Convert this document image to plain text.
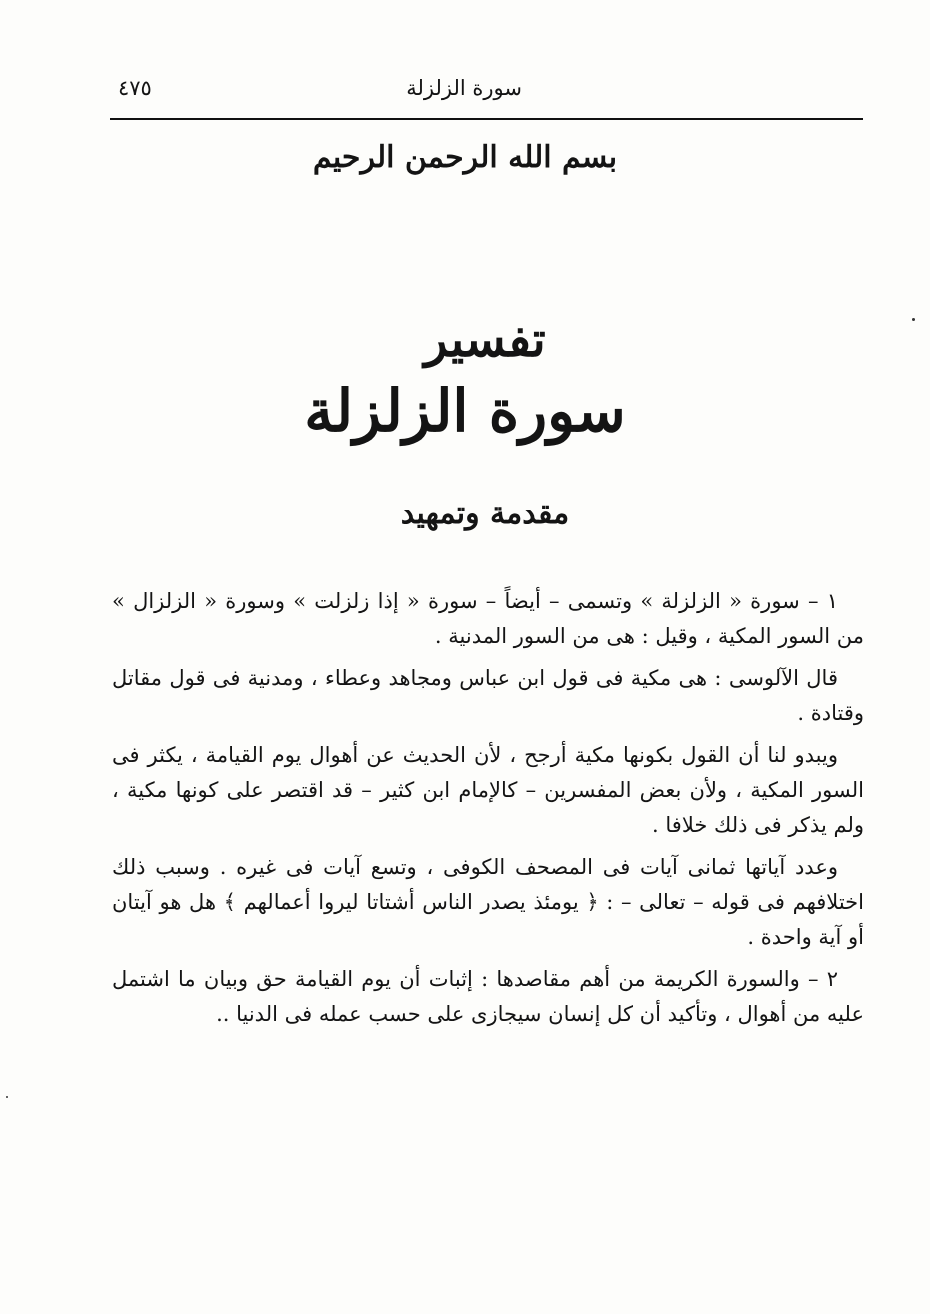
سورة الزلزلة
٤٧٥
بسم الله الرحمن الرحيم
تفسير
سورة الزلزلة
مقدمة وتمهيد

١ – سورة « الزلزلة » وتسمى – أيضاً – سورة « إذا زلزلت » وسورة « الزلزال » من السور المكية ، وقيل : هى من السور المدنية .

قال الآلوسى : هى مكية فى قول ابن عباس ومجاهد وعطاء ، ومدنية فى قول مقاتل وقتادة .

ويبدو لنا أن القول بكونها مكية أرجح ، لأن الحديث عن أهوال يوم القيامة ، يكثر فى السور المكية ، ولأن بعض المفسرين – كالإمام ابن كثير – قد اقتصر على كونها مكية ، ولم يذكر فى ذلك خلافا .

وعدد آياتها ثمانى آيات فى المصحف الكوفى ، وتسع آيات فى غيره . وسبب ذلك اختلافهم فى قوله – تعالى – : ﴿ يومئذ يصدر الناس أشتاتا ليروا أعمالهم ﴾ هل هو آيتان أو آية واحدة .

٢ – والسورة الكريمة من أهم مقاصدها : إثبات أن يوم القيامة حق وبيان ما اشتمل عليه من أهوال ، وتأكيد أن كل إنسان سيجازى على حسب عمله فى الدنيا ..
